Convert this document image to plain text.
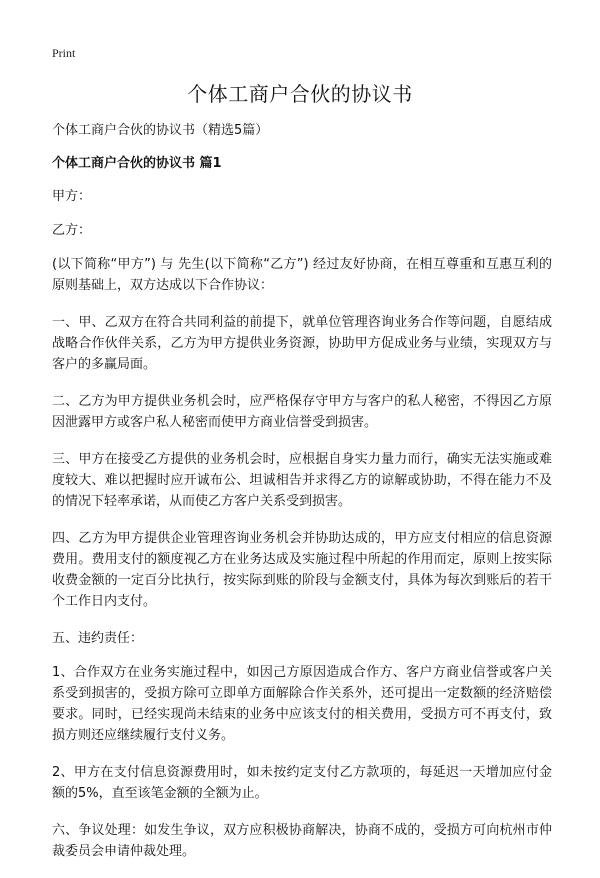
Print
个体工商户合伙的协议书

个体工商户合伙的协议书（精选5篇）

个体工商户合伙的协议书 篇1

甲方：

乙方：

(以下简称“甲方”) 与 先生(以下简称“乙方”) 经过友好协商，在相互尊重和互惠互利的原则基础上，双方达成以下合作协议：

一、甲、乙双方在符合共同利益的前提下，就单位管理咨询业务合作等问题，自愿结成战略合作伙伴关系，乙方为甲方提供业务资源，协助甲方促成业务与业绩，实现双方与客户的多赢局面。

二、乙方为甲方提供业务机会时，应严格保存守甲方与客户的私人秘密，不得因乙方原因泄露甲方或客户私人秘密而使甲方商业信誉受到损害。

三、甲方在接受乙方提供的业务机会时，应根据自身实力量力而行，确实无法实施或难度较大、难以把握时应开诚布公、坦诚相告并求得乙方的谅解或协助，不得在能力不及的情况下轻率承诺，从而使乙方客户关系受到损害。

四、乙方为甲方提供企业管理咨询业务机会并协助达成的，甲方应支付相应的信息资源费用。费用支付的额度视乙方在业务达成及实施过程中所起的作用而定，原则上按实际收费金额的一定百分比执行，按实际到账的阶段与金额支付，具体为每次到账后的若干个工作日内支付。

五、违约责任：

1、合作双方在业务实施过程中，如因己方原因造成合作方、客户方商业信誉或客户关系受到损害的，受损方除可立即单方面解除合作关系外，还可提出一定数额的经济赔偿要求。同时，已经实现尚未结束的业务中应该支付的相关费用，受损方可不再支付，致损方则还应继续履行支付义务。

2、甲方在支付信息资源费用时，如未按约定支付乙方款项的，每延迟一天增加应付金额的5%，直至该笔金额的全额为止。

六、争议处理：如发生争议，双方应积极协商解决，协商不成的，受损方可向杭州市仲裁委员会申请仲裁处理。
